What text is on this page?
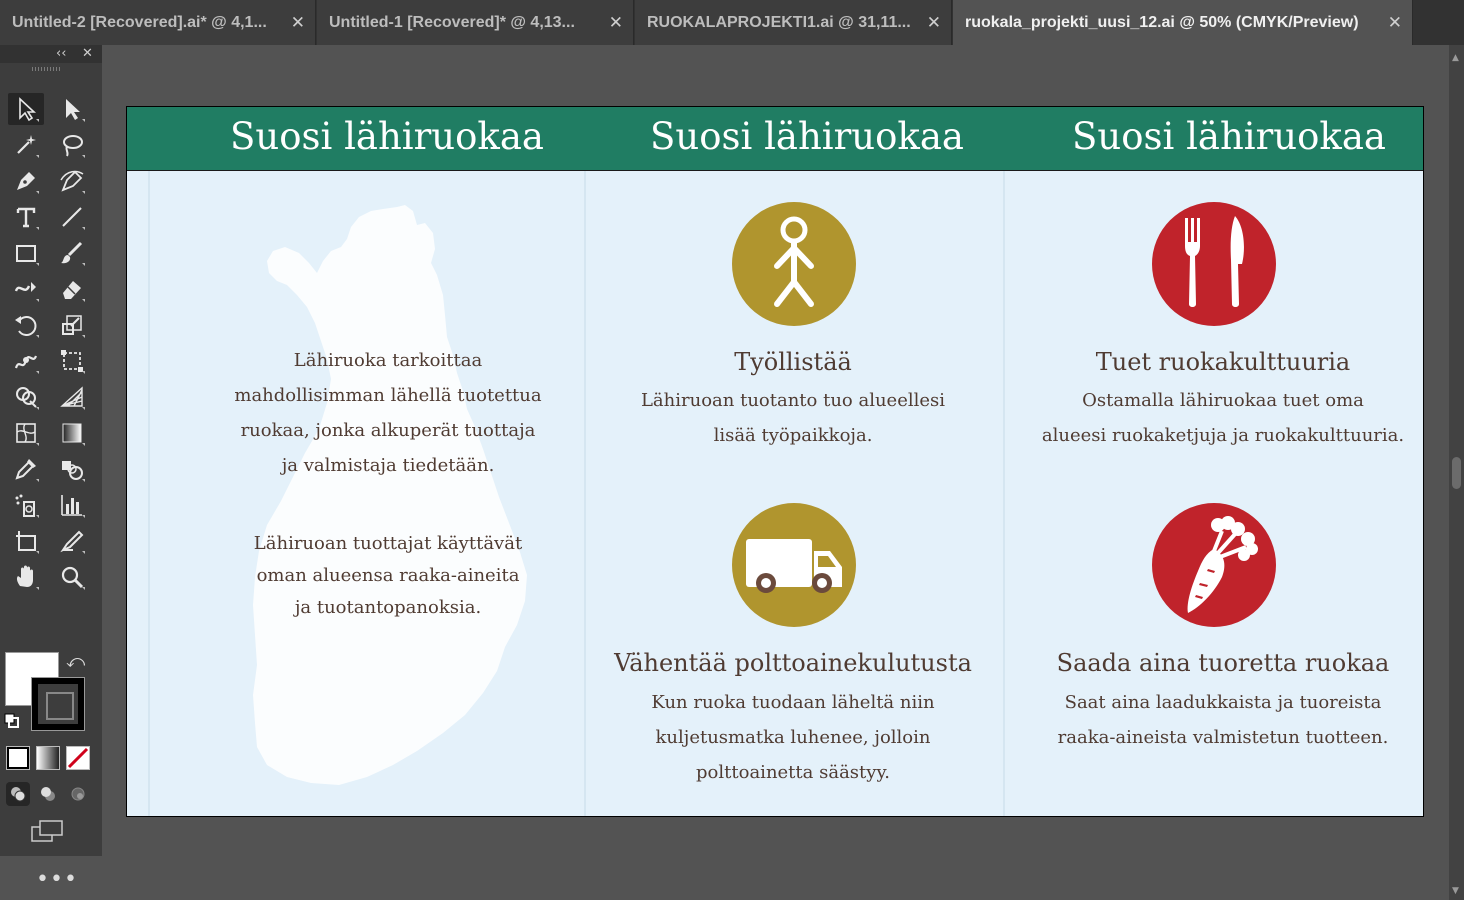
Untitled-2 [Recovered].ai* @ 4,1... ✕	Untitled-1 [Recovered]* @ 4,13... ✕	RUOKALAPROJEKTI1.ai @ 31,11... ✕	ruokala_projekti_uusi_12.ai @ 50% (CMYK/Preview) ✕
‹‹ ✕
⤺
•••
▲
▼
Suosi lähiruokaa	Suosi lähiruokaa	Suosi lähiruokaa
Lähiruoka tarkoittaa
mahdollisimman lähellä tuotettua
ruokaa, jonka alkuperät tuottaja
ja valmistaja tiedetään.
Lähiruoan tuottajat käyttävät
oman alueensa raaka-aineita
ja tuotantopanoksia.
Työllistää
Lähiruoan tuotanto tuo alueellesi
lisää työpaikkoja.
Tuet ruokakulttuuria
Ostamalla lähiruokaa tuet oma
alueesi ruokaketjuja ja ruokakulttuuria.
Vähentää polttoainekulutusta
Kun ruoka tuodaan läheltä niin
kuljetusmatka luhenee, jolloin
polttoainetta säästyy.
Saada aina tuoretta ruokaa
Saat aina laadukkaista ja tuoreista
raaka-aineista valmistetun tuotteen.
